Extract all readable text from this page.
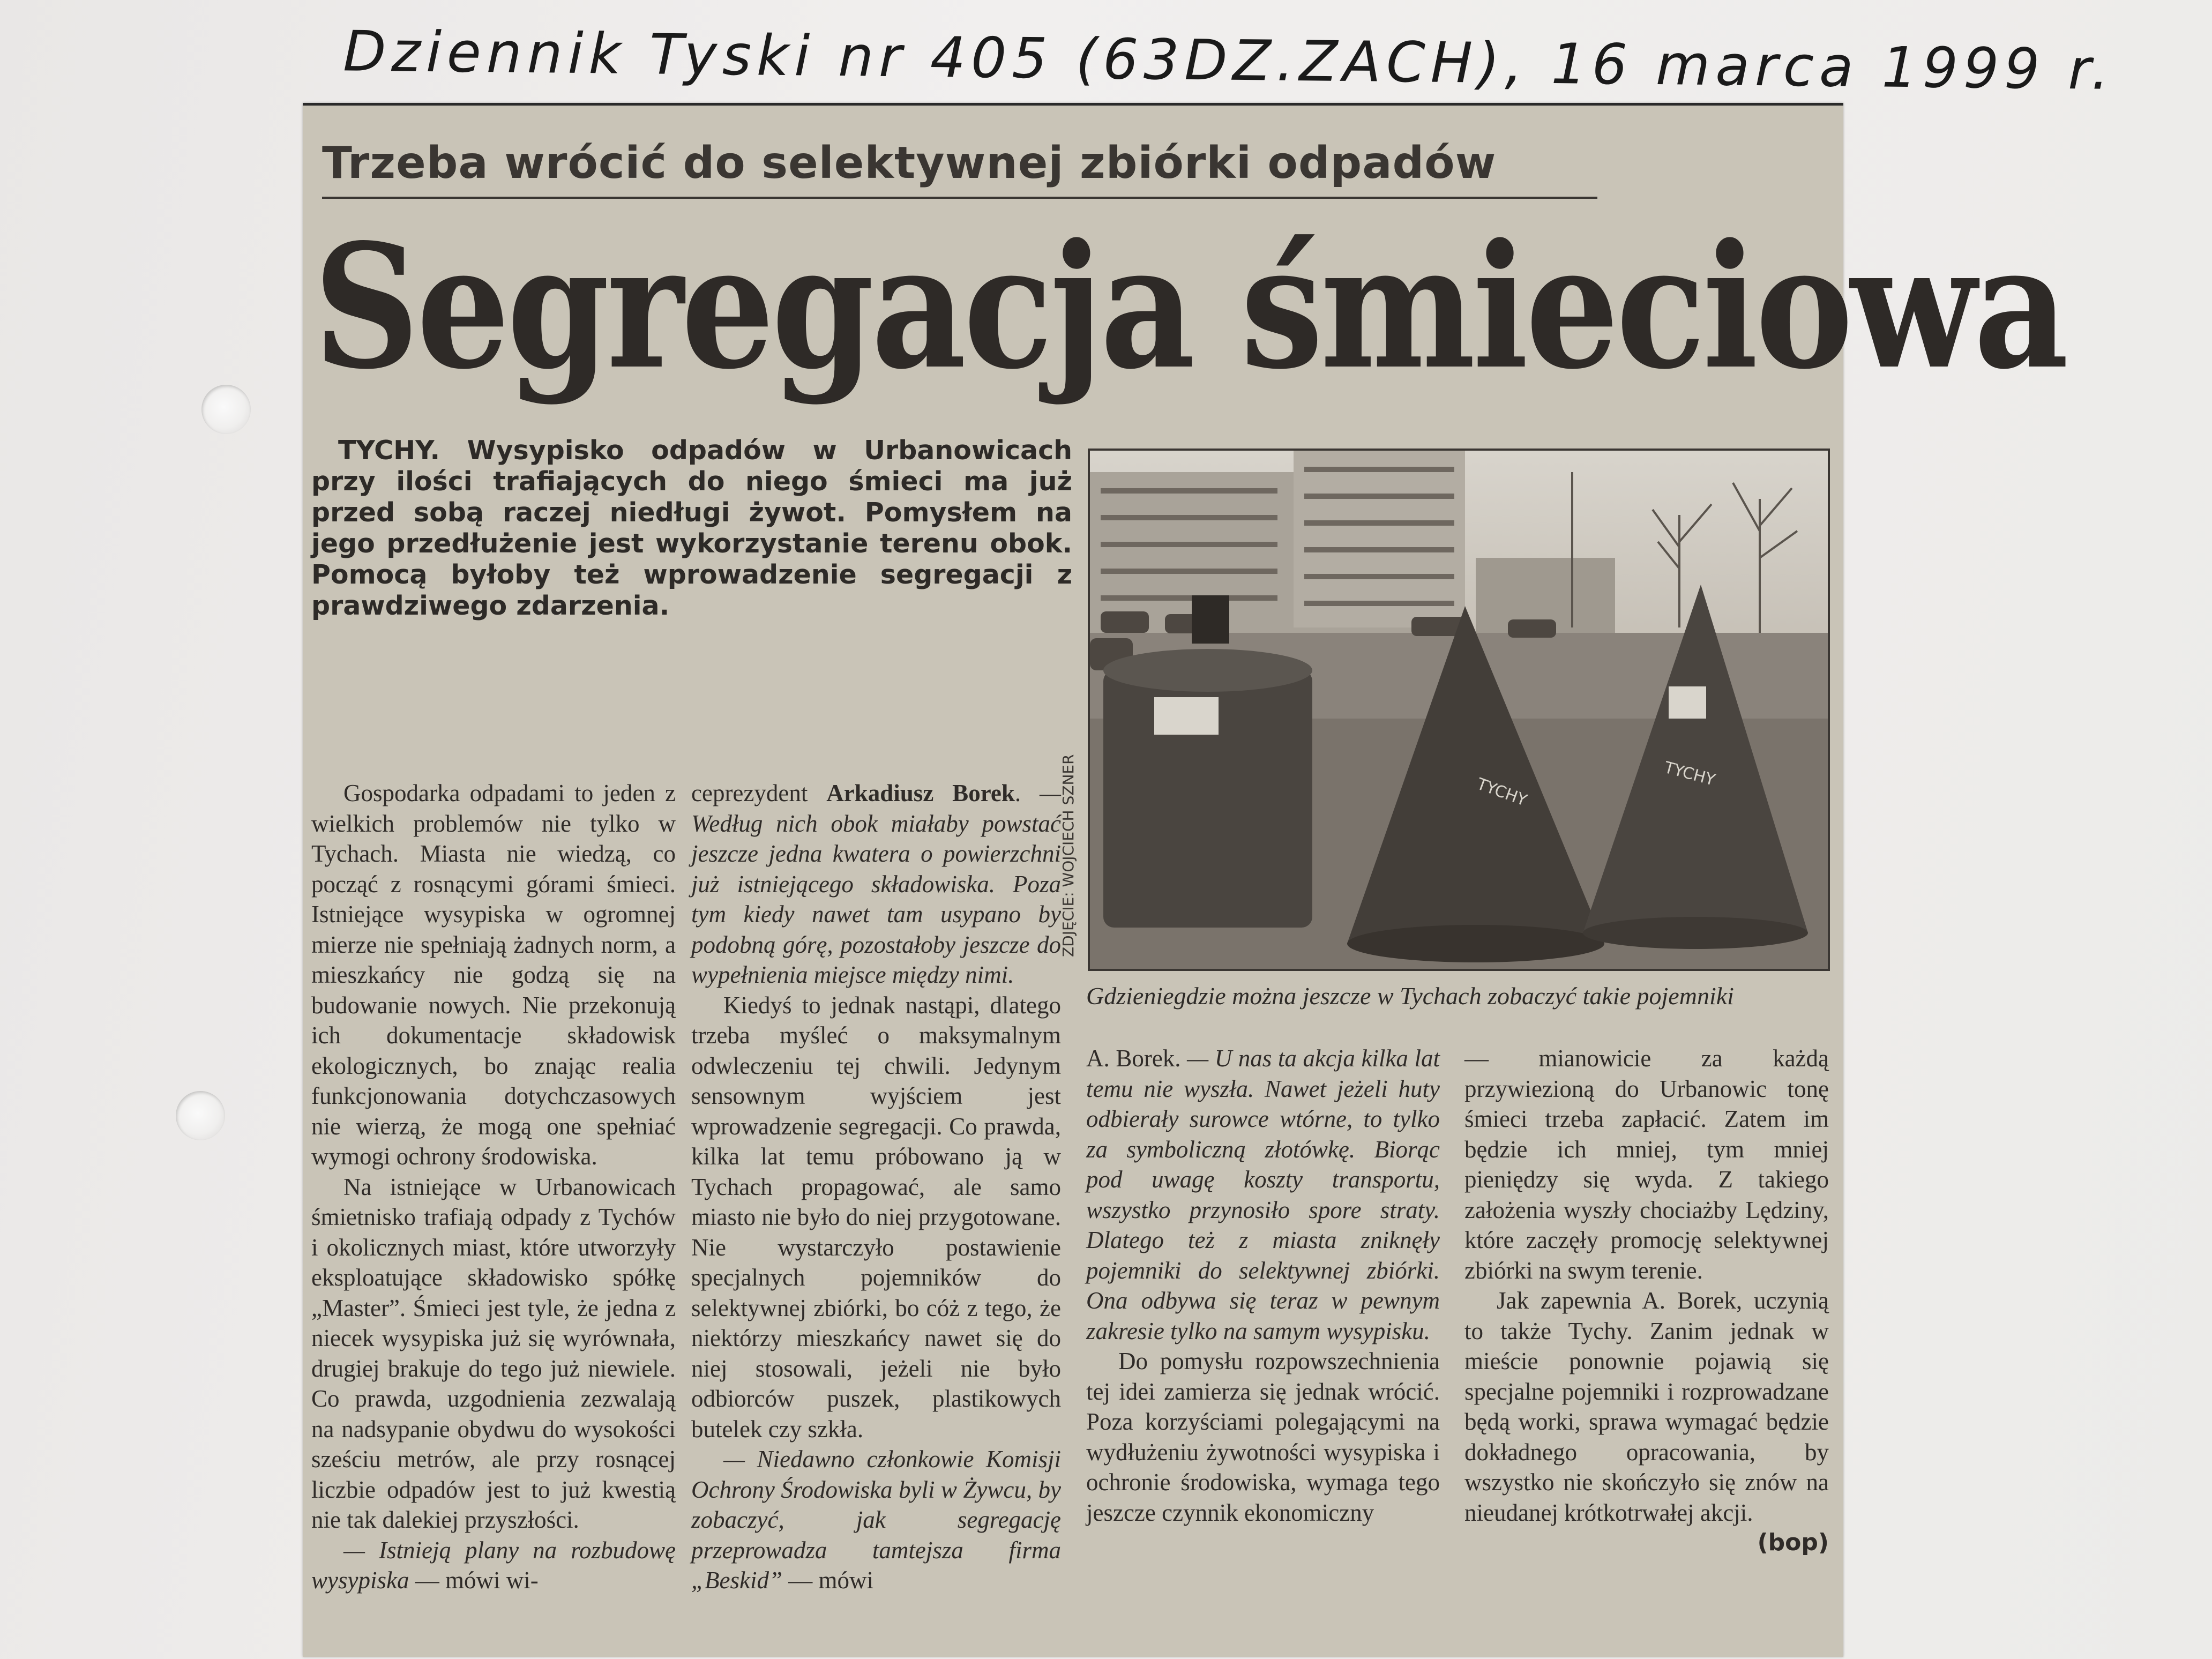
Dziennik Tyski nr 405 (63DZ.ZACH), 16 marca 1999 r.
Trzeba wrócić do selektywnej zbiórki odpadów
Segregacja śmieciowa
TYCHY. Wysypisko odpadów w Urbanowicach przy ilości trafiających do niego śmieci ma już przed sobą raczej niedługi żywot. Pomysłem na jego przedłużenie jest wykorzystanie terenu obok. Pomocą byłoby też wprowadzenie segregacji z prawdziwego zdarzenia.
ZDJĘCIE: WOJCIECH SZNER	TYCHY
TYCHY
Gdzieniegdzie można jeszcze w Tychach zobaczyć takie pojemniki

Gospodarka odpadami to jeden z wielkich problemów nie tylko w Tychach. Miasta nie wiedzą, co począć z rosnącymi górami śmieci. Istniejące wysypiska w ogromnej mierze nie spełniają żadnych norm, a mieszkańcy nie godzą się na budowanie nowych. Nie przekonują ich dokumentacje składowisk ekologicznych, bo znając realia funkcjonowania dotychczasowych nie wierzą, że mogą one spełniać wymogi ochrony środowiska.

Na istniejące w Urbanowicach śmietnisko trafiają odpady z Tychów i okolicznych miast, które utworzyły eksploatujące składowisko spółkę „Master”. Śmieci jest tyle, że jedna z niecek wysypiska już się wyrównała, drugiej brakuje do tego już niewiele. Co prawda, uzgodnienia zezwalają na nadsypanie obydwu do wysokości sześciu metrów, ale przy rosnącej liczbie odpadów jest to już kwestią nie tak dalekiej przyszłości.

— Istnieją plany na rozbudowę wysypiska — mówi wi-

ceprezydent Arkadiusz Borek. — Według nich obok miałaby powstać jeszcze jedna kwatera o powierzchni już istniejącego składowiska. Poza tym kiedy nawet tam usypano by podobną górę, pozostałoby jeszcze do wypełnienia miejsce między nimi.

Kiedyś to jednak nastąpi, dlatego trzeba myśleć o maksymalnym odwleczeniu tej chwili. Jedynym sensownym wyjściem jest wprowadzenie segregacji. Co prawda, kilka lat temu próbowano ją w Tychach propagować, ale samo miasto nie było do niej przygotowane. Nie wystarczyło postawienie specjalnych pojemników do selektywnej zbiórki, bo cóż z tego, że niektórzy mieszkańcy nawet się do niej stosowali, jeżeli nie było odbiorców puszek, plastikowych butelek czy szkła.

— Niedawno członkowie Komisji Ochrony Środowiska byli w Żywcu, by zobaczyć, jak segregację przeprowadza tamtejsza firma „Beskid” — mówi

A. Borek. — U nas ta akcja kilka lat temu nie wyszła. Nawet jeżeli huty odbierały surowce wtórne, to tylko za symboliczną złotówkę. Biorąc pod uwagę koszty transportu, wszystko przynosiło spore straty. Dlatego też z miasta zniknęły pojemniki do selektywnej zbiórki. Ona odbywa się teraz w pewnym zakresie tylko na samym wysypisku.

Do pomysłu rozpowszechnienia tej idei zamierza się jednak wrócić. Poza korzyściami polegającymi na wydłużeniu żywotności wysypiska i ochronie środowiska, wymaga tego jeszcze czynnik ekonomiczny

— mianowicie za każdą przywiezioną do Urbanowic tonę śmieci trzeba zapłacić. Zatem im będzie ich mniej, tym mniej pieniędzy się wyda. Z takiego założenia wyszły chociażby Lędziny, które zaczęły promocję selektywnej zbiórki na swym terenie.

Jak zapewnia A. Borek, uczynią to także Tychy. Zanim jednak w mieście ponownie pojawią się specjalne pojemniki i rozprowadzane będą worki, sprawa wymagać będzie dokładnego opracowania, by wszystko nie skończyło się znów na nieudanej krótkotrwałej akcji.
(bop)
